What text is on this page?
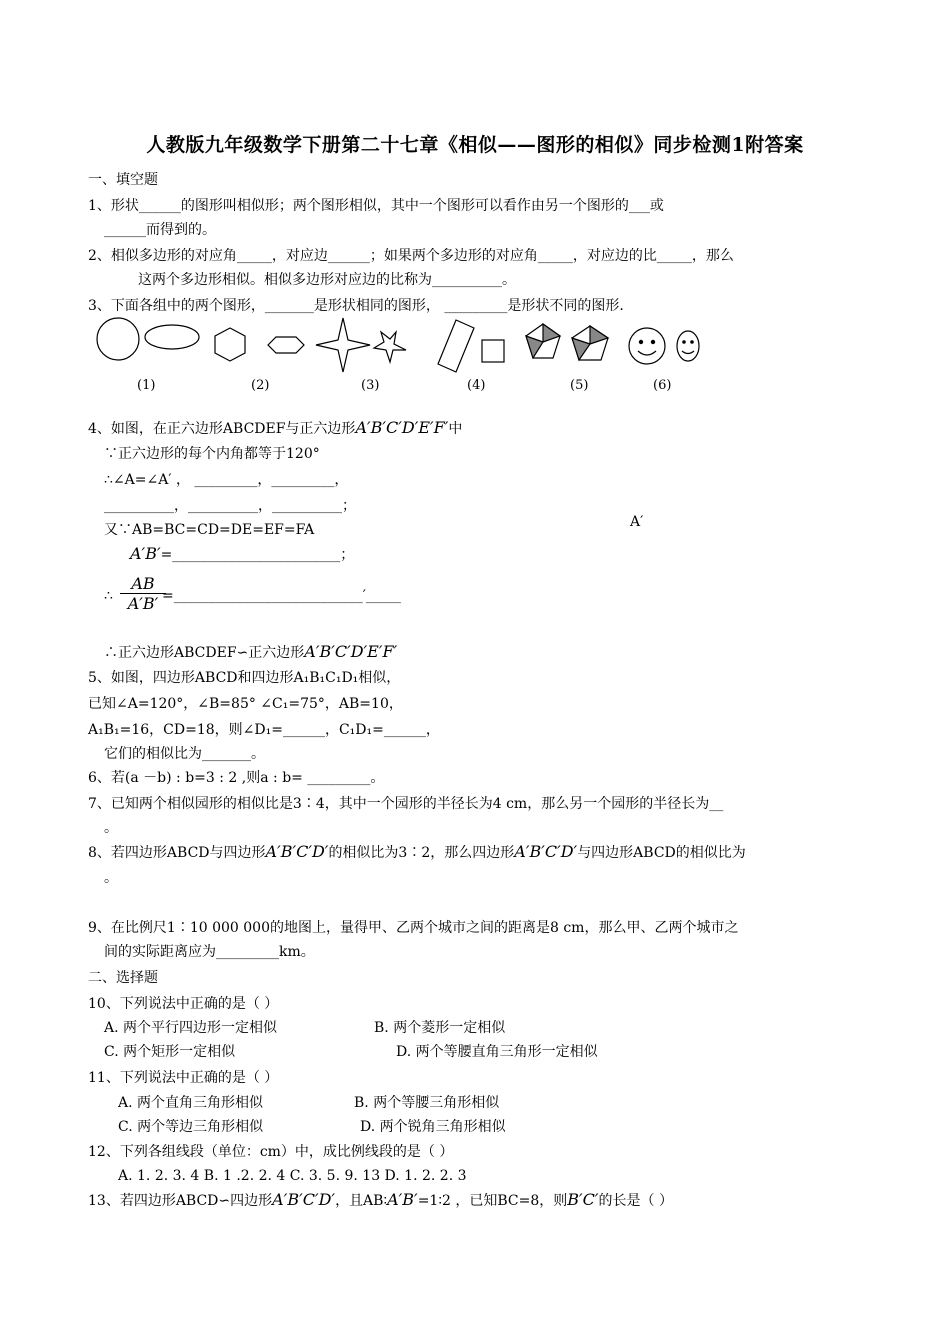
人教版九年级数学下册第二十七章《相似——图形的相似》同步检测1附答案
一、填空题
1、形状______的图形叫相似形；两个图形相似，其中一个图形可以看作由另一个图形的___或
______而得到的。
2、相似多边形的对应角_____，对应边______；如果两个多边形的对应角_____，对应边的比_____，那么
这两个多边形相似。相似多边形对应边的比称为__________。
3、下面各组中的两个图形，_______是形状相同的图形， _________是形状不同的图形.
(1)	(2)	(3)	(4)	(5)	(6)
4、如图，在正六边形ABCDEF与正六边形A′B′C′D′E′F′中
∵正六边形的每个内角都等于120°
∴∠A=∠A′ ， _________，_________，
__________，__________，__________；
又∵AB=BC=CD=DE=EF=FA	A′
A′B′=________________________；
∴ $\frac{AB}{A'B'}$
=___________________________′_____
∴正六边形ABCDEF∽正六边形A′B′C′D′E′F′
5、如图，四边形ABCD和四边形A₁B₁C₁D₁相似，
已知∠A=120°，∠B=85° ∠C₁=75°，AB=10，
A₁B₁=16，CD=18，则∠D₁=______，C₁D₁=______，
它们的相似比为_______。
6、若(a －b) : b=3 : 2 ,则a : b= _________。
7、已知两个相似园形的相似比是3∶4，其中一个园形的半径长为4 cm，那么另一个园形的半径长为__
。
8、若四边形ABCD与四边形A′B′C′D′的相似比为3∶2，那么四边形A′B′C′D′与四边形ABCD的相似比为
。
9、在比例尺1∶10 000 000的地图上，量得甲、乙两个城市之间的距离是8 cm，那么甲、乙两个城市之
间的实际距离应为_________km。
二、选择题
10、下列说法中正确的是（ ）
A. 两个平行四边形一定相似	B. 两个菱形一定相似
C. 两个矩形一定相似	D. 两个等腰直角三角形一定相似
11、下列说法中正确的是（ ）
A. 两个直角三角形相似	B. 两个等腰三角形相似
C. 两个等边三角形相似	D. 两个锐角三角形相似
12、下列各组线段（单位：cm）中，成比例线段的是（ ）
A. 1. 2. 3. 4 B. 1 .2. 2. 4 C. 3. 5. 9. 13 D. 1. 2. 2. 3
13、若四边形ABCD∽四边形A′B′C′D′，且AB∶A′B′=1∶2 ，已知BC=8，则B′C′的长是（ ）
